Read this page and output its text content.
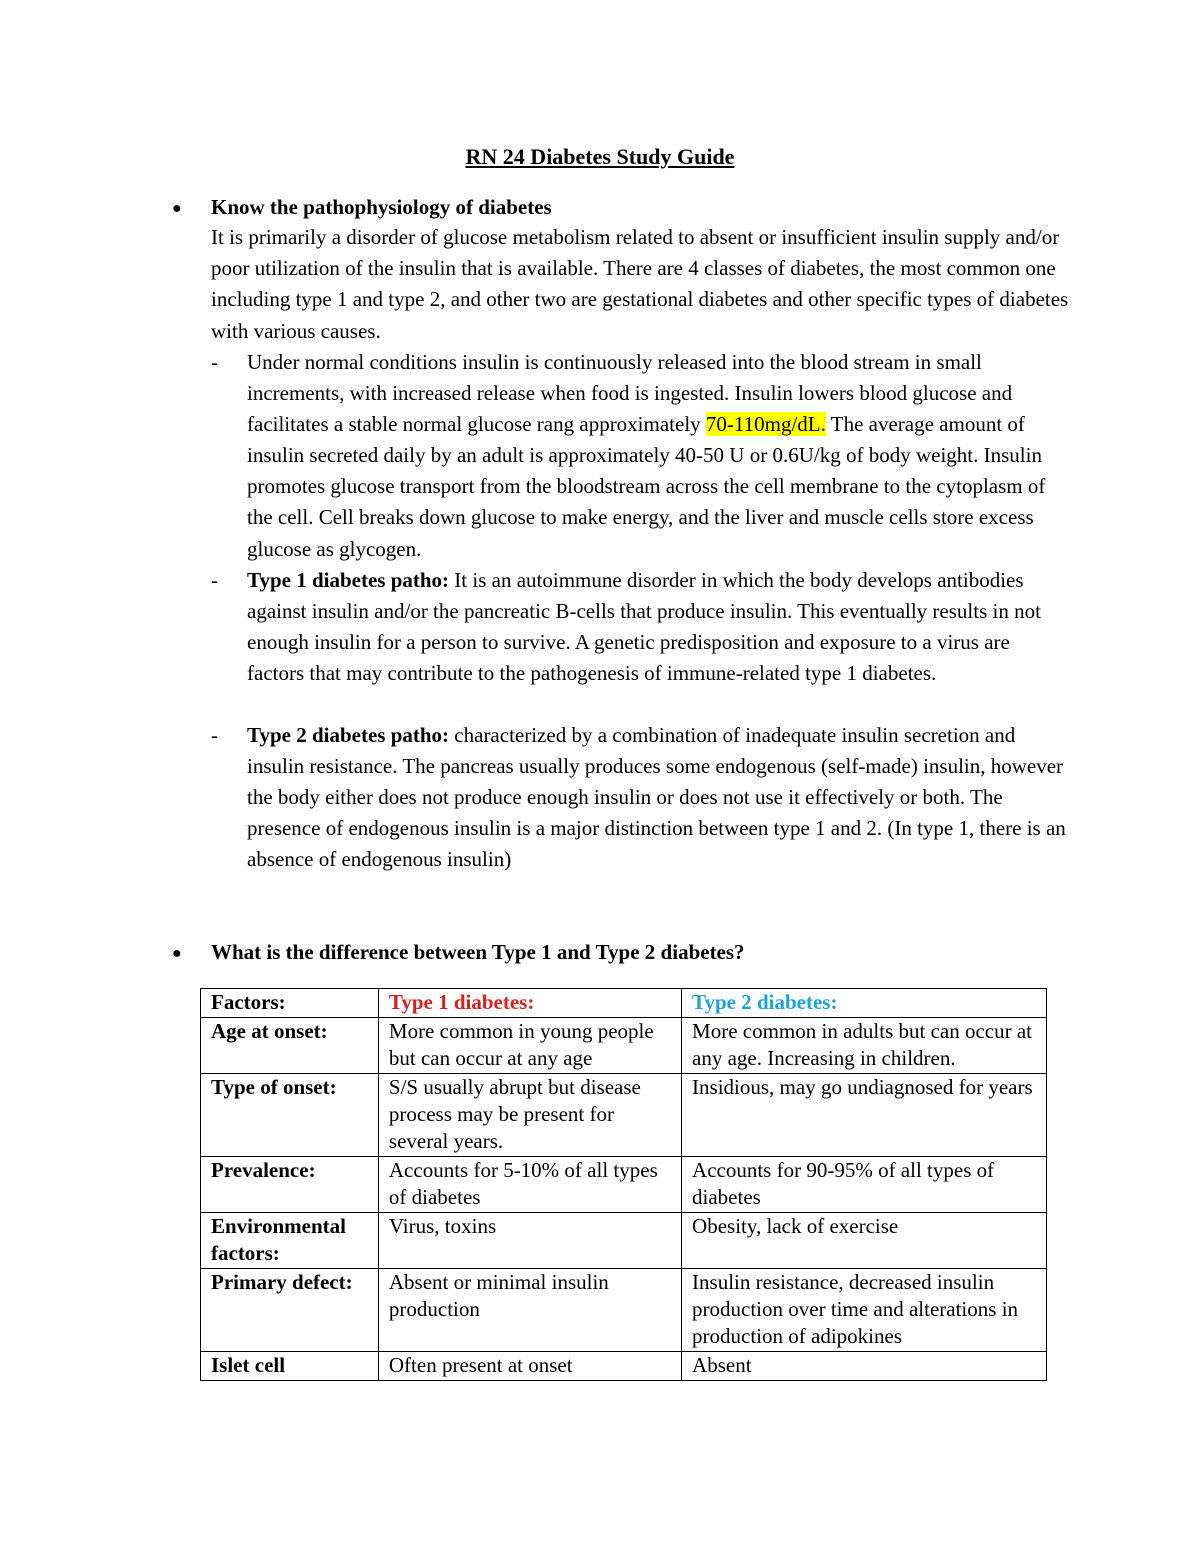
RN 24 Diabetes Study Guide
● Know the pathophysiology of diabetes
It is primarily a disorder of glucose metabolism related to absent or insufficient insulin supply and/or poor utilization of the insulin that is available. There are 4 classes of diabetes, the most common one including type 1 and type 2, and other two are gestational diabetes and other specific types of diabetes with various causes.
- Under normal conditions insulin is continuously released into the blood stream in small increments, with increased release when food is ingested. Insulin lowers blood glucose and facilitates a stable normal glucose rang approximately 70-110mg/dL. The average amount of insulin secreted daily by an adult is approximately 40-50 U or 0.6U/kg of body weight. Insulin promotes glucose transport from the bloodstream across the cell membrane to the cytoplasm of the cell. Cell breaks down glucose to make energy, and the liver and muscle cells store excess glucose as glycogen.
- Type 1 diabetes patho: It is an autoimmune disorder in which the body develops antibodies against insulin and/or the pancreatic B-cells that produce insulin. This eventually results in not enough insulin for a person to survive. A genetic predisposition and exposure to a virus are factors that may contribute to the pathogenesis of immune-related type 1 diabetes.
- Type 2 diabetes patho: characterized by a combination of inadequate insulin secretion and insulin resistance. The pancreas usually produces some endogenous (self-made) insulin, however the body either does not produce enough insulin or does not use it effectively or both. The presence of endogenous insulin is a major distinction between type 1 and 2. (In type 1, there is an absence of endogenous insulin)
● What is the difference between Type 1 and Type 2 diabetes?
Factors:	Type 1 diabetes:	Type 2 diabetes:
Age at onset:	More common in young people but can occur at any age	More common in adults but can occur at any age. Increasing in children.
Type of onset:	S/S usually abrupt but disease process may be present for several years.	Insidious, may go undiagnosed for years
Prevalence:	Accounts for 5-10% of all types of diabetes	Accounts for 90-95% of all types of diabetes
Environmental factors:	Virus, toxins	Obesity, lack of exercise
Primary defect:	Absent or minimal insulin production	Insulin resistance, decreased insulin production over time and alterations in production of adipokines
Islet cell	Often present at onset	Absent
